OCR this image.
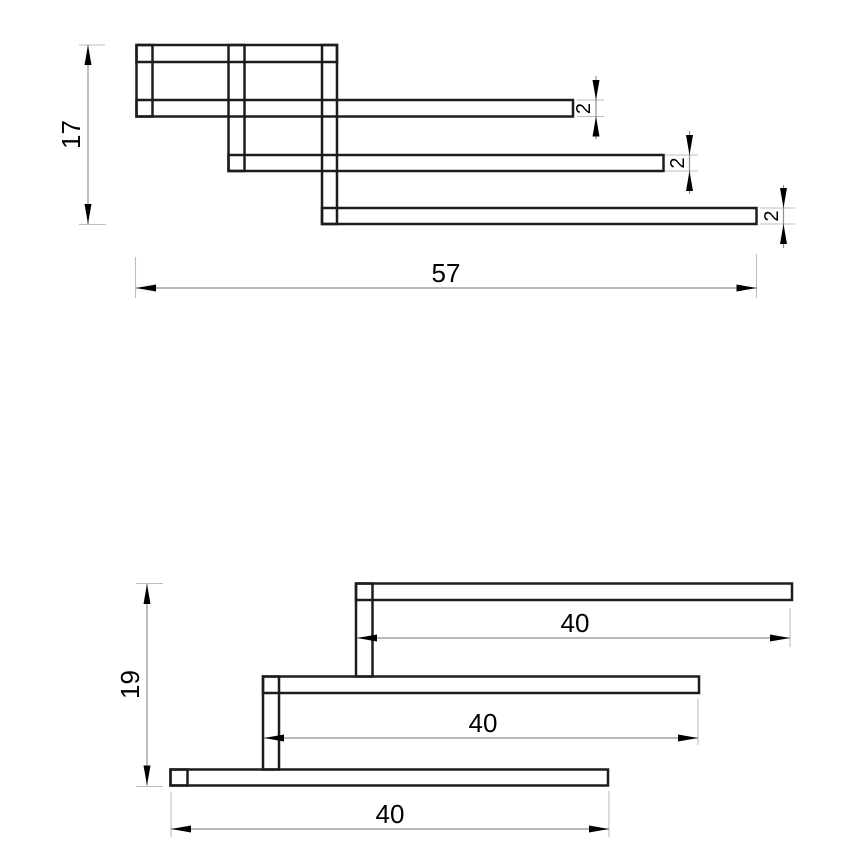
17
57
2
2
2
19
40
40
40
